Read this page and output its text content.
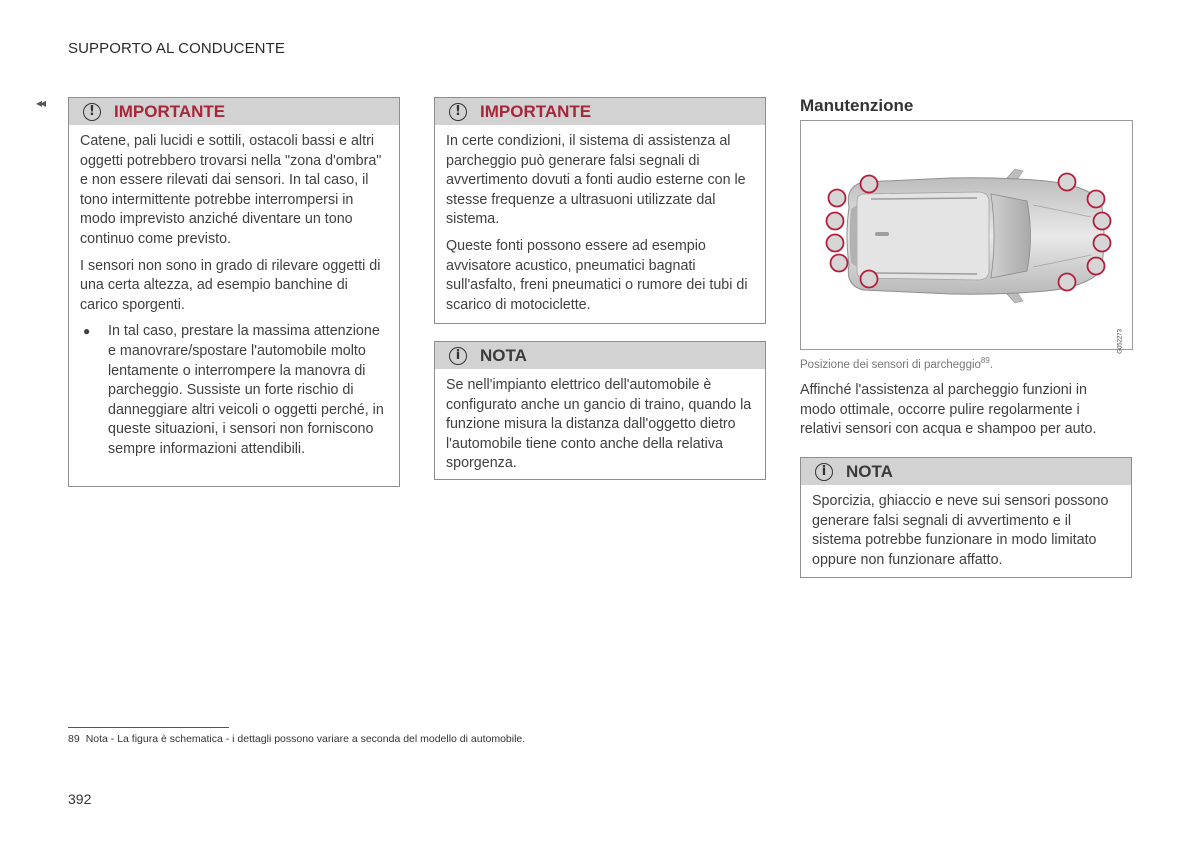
SUPPORTO AL CONDUCENTE
◂◂
!	IMPORTANTE

Catene, pali lucidi e sottili, ostacoli bassi e altri oggetti potrebbero trovarsi nella "zona d'ombra" e non essere rilevati dai sensori. In tal caso, il tono intermittente potrebbe interrompersi in modo imprevisto anziché diventare un tono continuo come previsto.

I sensori non sono in grado di rilevare oggetti di una certa altezza, ad esempio banchine di carico sporgenti.

●	In tal caso, prestare la massima attenzione e manovrare/spostare l'automobile molto lentamente o interrompere la manovra di parcheggio. Sussiste un forte rischio di danneggiare altri veicoli o oggetti perché, in queste situazioni, i sensori non forniscono sempre informazioni attendibili.
!	IMPORTANTE

In certe condizioni, il sistema di assistenza al parcheggio può generare falsi segnali di avvertimento dovuti a fonti audio esterne con le stesse frequenze a ultrasuoni utilizzate dal sistema.

Queste fonti possono essere ad esempio avvisatore acustico, pneumatici bagnati sull'asfalto, freni pneumatici o rumore dei tubi di scarico di motociclette.

i	NOTA

Se nell'impianto elettrico dell'automobile è configurato anche un gancio di traino, quando la funzione misura la distanza dall'oggetto dietro l'automobile tiene conto anche della relativa sporgenza.

Manutenzione
G052273
Posizione dei sensori di parcheggio$^{89}$.
Affinché l'assistenza al parcheggio funzioni in modo ottimale, occorre pulire regolarmente i relativi sensori con acqua e shampoo per auto.
i	NOTA

Sporcizia, ghiaccio e neve sui sensori possono generare falsi segnali di avvertimento e il sistema potrebbe funzionare in modo limitato oppure non funzionare affatto.

89 Nota - La figura è schematica - i dettagli possono variare a seconda del modello di automobile.
392
